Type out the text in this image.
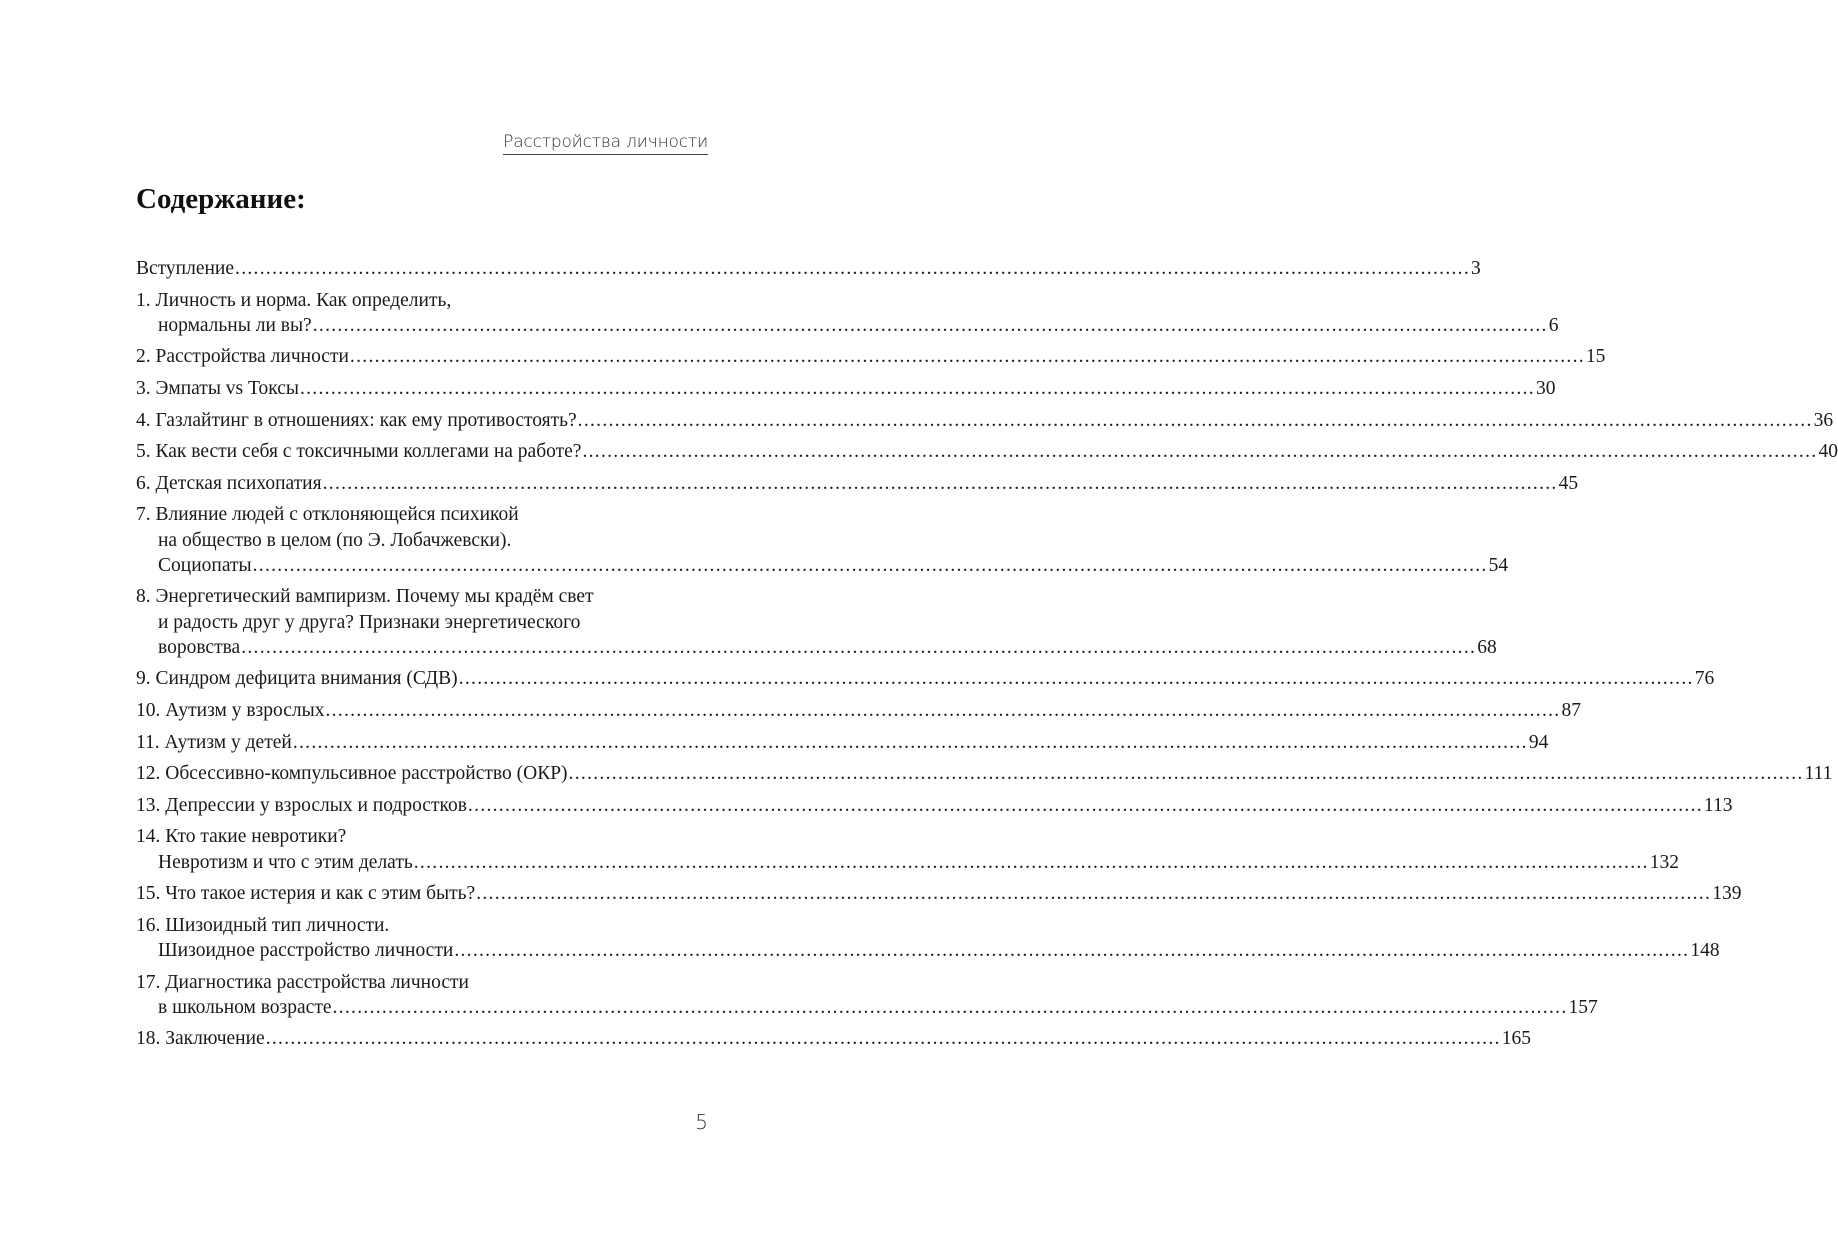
Расстройства личности
Содержание:
Вступление ........................................................................................................................................................................................................ 3
1. Личность и норма. Как определить,
нормальны ли вы? ........................................................................................................................................................................................................ 6
2. Расстройства личности ........................................................................................................................................................................................................ 15
3. Эмпаты vs Токсы ........................................................................................................................................................................................................ 30
4. Газлайтинг в отношениях: как ему противостоять? ........................................................................................................................................................................................................ 36
5. Как вести себя с токсичными коллегами на работе? ........................................................................................................................................................................................................ 40
6. Детская психопатия ........................................................................................................................................................................................................ 45
7. Влияние людей с отклоняющейся психикой
на общество в целом (по Э. Лобачжевски).
Социопаты ........................................................................................................................................................................................................ 54
8. Энергетический вампиризм. Почему мы крадём свет
и радость друг у друга? Признаки энергетического
воровства ........................................................................................................................................................................................................ 68
9. Синдром дефицита внимания (СДВ) ........................................................................................................................................................................................................ 76
10. Аутизм у взрослых ........................................................................................................................................................................................................ 87
11. Аутизм у детей ........................................................................................................................................................................................................ 94
12. Обсессивно-компульсивное расстройство (ОКР) ........................................................................................................................................................................................................ 111
13. Депрессии у взрослых и подростков ........................................................................................................................................................................................................ 113
14. Кто такие невротики?
Невротизм и что с этим делать ........................................................................................................................................................................................................ 132
15. Что такое истерия и как с этим быть? ........................................................................................................................................................................................................ 139
16. Шизоидный тип личности.
Шизоидное расстройство личности ........................................................................................................................................................................................................ 148
17. Диагностика расстройства личности
в школьном возрасте ........................................................................................................................................................................................................ 157
18. Заключение ........................................................................................................................................................................................................ 165
5
